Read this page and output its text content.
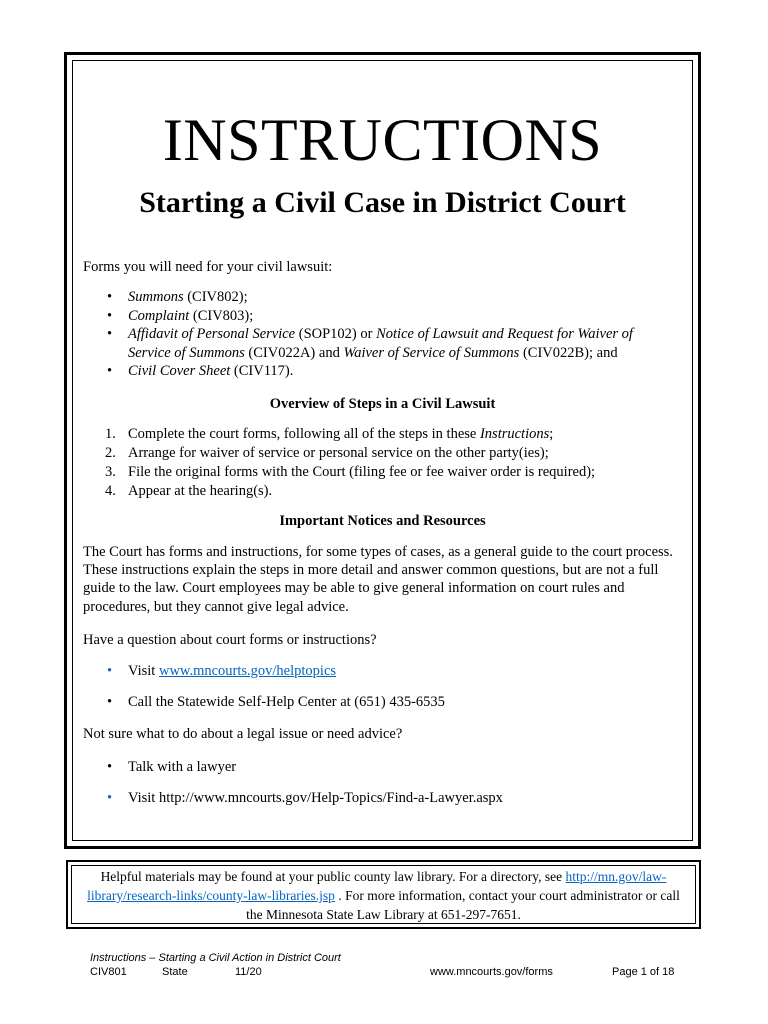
INSTRUCTIONS
Starting a Civil Case in District Court
Forms you will need for your civil lawsuit:
• Summons (CIV802);
• Complaint (CIV803);
• Affidavit of Personal Service (SOP102) or Notice of Lawsuit and Request for Waiver of Service of Summons (CIV022A) and Waiver of Service of Summons (CIV022B); and
• Civil Cover Sheet (CIV117).
Overview of Steps in a Civil Lawsuit
1. Complete the court forms, following all of the steps in these Instructions;
2. Arrange for waiver of service or personal service on the other party(ies);
3. File the original forms with the Court (filing fee or fee waiver order is required);
4. Appear at the hearing(s).
Important Notices and Resources
The Court has forms and instructions, for some types of cases, as a general guide to the court process. These instructions explain the steps in more detail and answer common questions, but are not a full guide to the law. Court employees may be able to give general information on court rules and procedures, but they cannot give legal advice.
Have a question about court forms or instructions?
• Visit www.mncourts.gov/helptopics
• Call the Statewide Self-Help Center at (651) 435-6535
Not sure what to do about a legal issue or need advice?
• Talk with a lawyer
• Visit http://www.mncourts.gov/Help-Topics/Find-a-Lawyer.aspx
Helpful materials may be found at your public county law library. For a directory, see http://mn.gov/law-library/research-links/county-law-libraries.jsp . For more information, contact your court administrator or call the Minnesota State Law Library at 651-297-7651.
Instructions – Starting a Civil Action in District Court
CIV801	State	11/20	www.mncourts.gov/forms	Page 1 of 18
